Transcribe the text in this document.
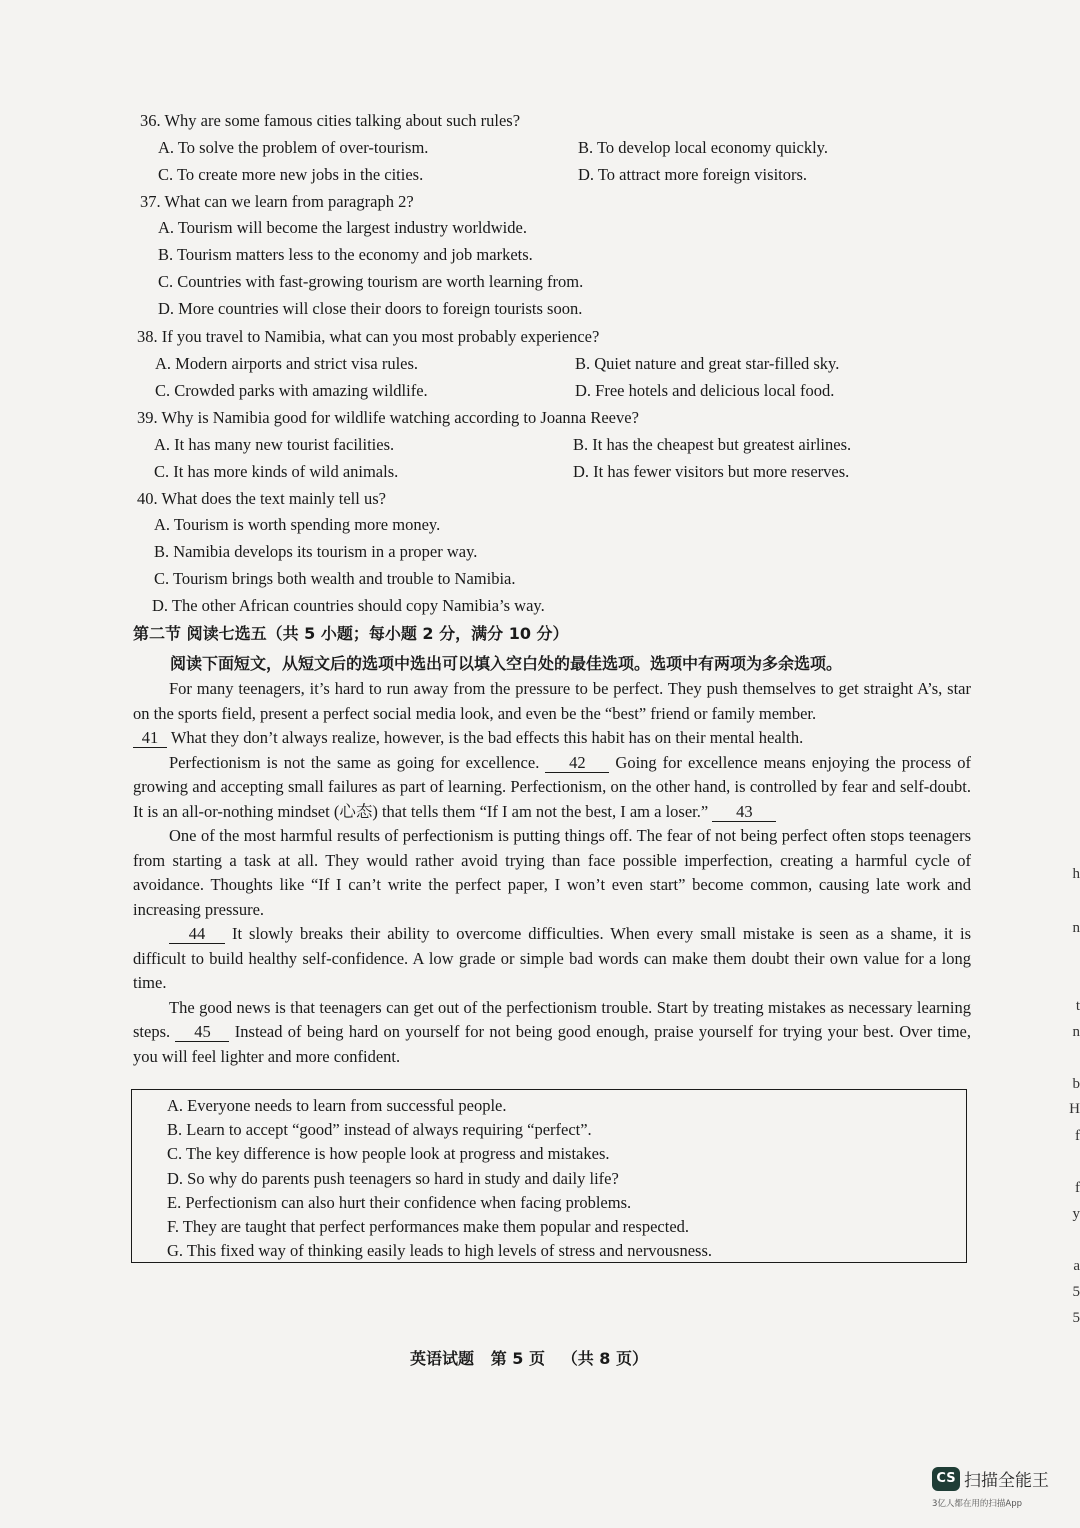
36. Why are some famous cities talking about such rules?
A. To solve the problem of over-tourism.	B. To develop local economy quickly.
C. To create more new jobs in the cities.	D. To attract more foreign visitors.
37. What can we learn from paragraph 2?
A. Tourism will become the largest industry worldwide.
B. Tourism matters less to the economy and job markets.
C. Countries with fast-growing tourism are worth learning from.
D. More countries will close their doors to foreign tourists soon.
38. If you travel to Namibia, what can you most probably experience?
A. Modern airports and strict visa rules.	B. Quiet nature and great star-filled sky.
C. Crowded parks with amazing wildlife.	D. Free hotels and delicious local food.
39. Why is Namibia good for wildlife watching according to Joanna Reeve?
A. It has many new tourist facilities.	B. It has the cheapest but greatest airlines.
C. It has more kinds of wild animals.	D. It has fewer visitors but more reserves.
40. What does the text mainly tell us?
A. Tourism is worth spending more money.
B. Namibia develops its tourism in a proper way.
C. Tourism brings both wealth and trouble to Namibia.
D. The other African countries should copy Namibia’s way.
第二节 阅读七选五（共 5 小题；每小题 2 分，满分 10 分）
阅读下面短文，从短文后的选项中选出可以填入空白处的最佳选项。选项中有两项为多余选项。

For many teenagers, it’s hard to run away from the pressure to be perfect. They push themselves to get straight A’s, star on the sports field, present a perfect social media look, and even be the “best” friend or family member.
41 What they don’t always realize, however, is the bad effects this habit has on their mental health.

Perfectionism is not the same as going for excellence. 42 Going for excellence means enjoying the process of growing and accepting small failures as part of learning. Perfectionism, on the other hand, is controlled by fear and self-doubt. It is an all-or-nothing mindset (心态) that tells them “If I am not the best, I am a loser.” 43

One of the most harmful results of perfectionism is putting things off. The fear of not being perfect often stops teenagers from starting a task at all. They would rather avoid trying than face possible imperfection, creating a harmful cycle of avoidance. Thoughts like “If I can’t write the perfect paper, I won’t even start” become common, causing late work and increasing pressure.

44 It slowly breaks their ability to overcome difficulties. When every small mistake is seen as a shame, it is difficult to build healthy self-confidence. A low grade or simple bad words can make them doubt their own value for a long time.

The good news is that teenagers can get out of the perfectionism trouble. Start by treating mistakes as necessary learning steps. 45 Instead of being hard on yourself for not being good enough, praise yourself for trying your best. Over time, you will feel lighter and more confident.

A. Everyone needs to learn from successful people.
B. Learn to accept “good” instead of always requiring “perfect”.
C. The key difference is how people look at progress and mistakes.
D. So why do parents push teenagers so hard in study and daily life?
E. Perfectionism can also hurt their confidence when facing problems.
F. They are taught that perfect performances make them popular and respected.
G. This fixed way of thinking easily leads to high levels of stress and nervousness.
英语试题   第 5 页   （共 8 页）
h
n
t
n
b
H
f
f
y
a
5
5
CS 扫描全能王
3亿人都在用的扫描App
